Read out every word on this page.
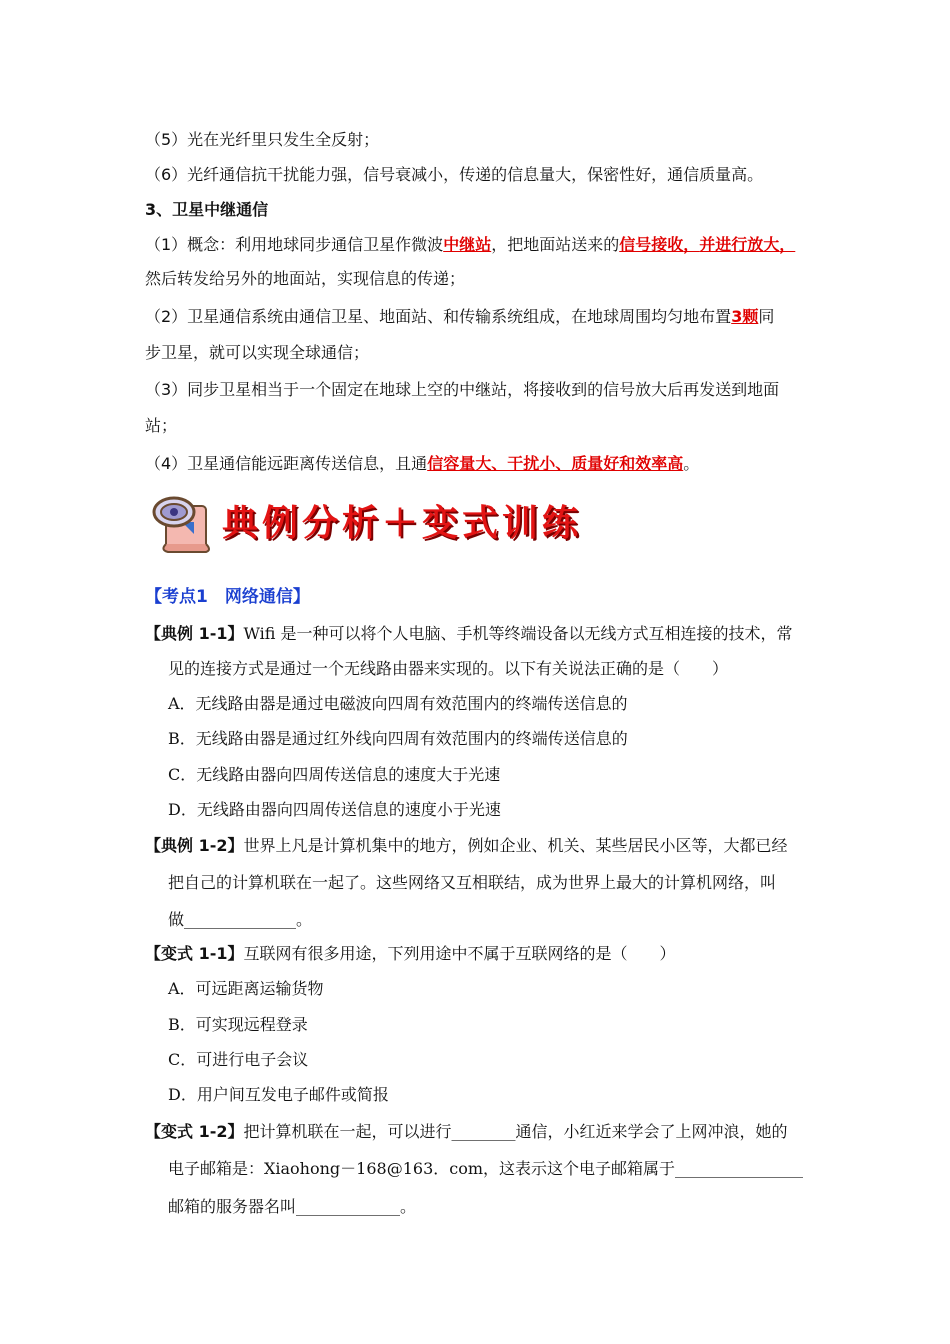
（5）光在光纤里只发生全反射；
（6）光纤通信抗干扰能力强，信号衰减小，传递的信息量大，保密性好，通信质量高。
3、卫星中继通信
（1）概念：利用地球同步通信卫星作微波中继站，把地面站送来的信号接收，并进行放大，
然后转发给另外的地面站，实现信息的传递；
（2）卫星通信系统由通信卫星、地面站、和传输系统组成，在地球周围均匀地布置3颗同
步卫星，就可以实现全球通信；
（3）同步卫星相当于一个固定在地球上空的中继站，将接收到的信号放大后再发送到地面
站；
（4）卫星通信能远距离传送信息，且通信容量大、干扰小、质量好和效率高。
典例分析＋变式训练
【考点1　网络通信】
【典例 1-1】Wifi 是一种可以将个人电脑、手机等终端设备以无线方式互相连接的技术，常
见的连接方式是通过一个无线路由器来实现的。以下有关说法正确的是（　　）
A．无线路由器是通过电磁波向四周有效范围内的终端传送信息的
B．无线路由器是通过红外线向四周有效范围内的终端传送信息的
C．无线路由器向四周传送信息的速度大于光速
D．无线路由器向四周传送信息的速度小于光速
【典例 1-2】世界上凡是计算机集中的地方，例如企业、机关、某些居民小区等，大都已经
把自己的计算机联在一起了。这些网络又互相联结，成为世界上最大的计算机网络，叫
做______________。
【变式 1-1】互联网有很多用途，下列用途中不属于互联网络的是（　　）
A．可远距离运输货物
B．可实现远程登录
C．可进行电子会议
D．用户间互发电子邮件或简报
【变式 1-2】把计算机联在一起，可以进行________通信，小红近来学会了上网冲浪，她的
电子邮箱是：Xiaohong－168@163．com，这表示这个电子邮箱属于________________
邮箱的服务器名叫_____________。
